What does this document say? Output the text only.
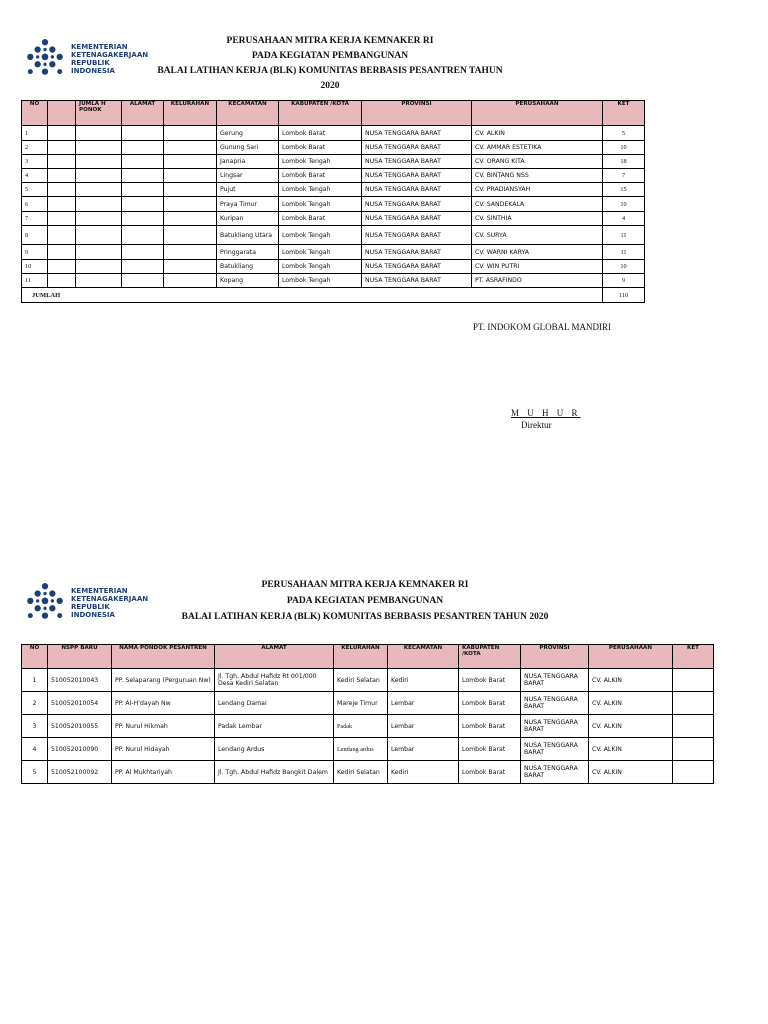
KEMENTERIAN
KETENAGAKERJAAN
REPUBLIK
INDONESIA
PERUSAHAAN MITRA KERJA KEMNAKER RI
PADA KEGIATAN PEMBANGUNAN
BALAI LATIHAN KERJA (BLK) KOMUNITAS BERBASIS PESANTREN TAHUN 2020
NO		JUMLA H PONOK	ALAMAT	KELURAHAN	KECAMATAN	KABUPATEN /KOTA	PROVINSI	PERUSAHAAN	KET
1					Gerung	Lombok Barat	NUSA TENGGARA BARAT	CV. ALKIN	5
2					Gunung Sari	Lombok Barat	NUSA TENGGARA BARAT	CV. AMMAR ESTETIKA	10
3					Janapria	Lombok Tengah	NUSA TENGGARA BARAT	CV. ORANG KITA	18
4					Lingsar	Lombok Barat	NUSA TENGGARA BARAT	CV. BINTANG NSS	7
5					Pujut	Lombok Tengah	NUSA TENGGARA BARAT	CV. PRADIANSYAH	15
6					Praya Timur	Lombok Tengah	NUSA TENGGARA BARAT	CV. SANDEKALA	10
7					Kuripan	Lombok Barat	NUSA TENGGARA BARAT	CV. SINTHIA	4
8					Batukliang Utara	Lombok Tengah	NUSA TENGGARA BARAT	CV. SURYA	11
9					Pringgarata	Lombok Tengah	NUSA TENGGARA BARAT	CV. WARNI KARYA	11
10					Batukliang	Lombok Tengah	NUSA TENGGARA BARAT	CV. WIN PUTRI	10
11					Kopang	Lombok Tengah	NUSA TENGGARA BARAT	PT. ASRAFINDO	9
JUMLAH									110
PT. INDOKOM GLOBAL MANDIRI
M U H U R
Direktur
KEMENTERIAN
KETENAGAKERJAAN
REPUBLIK
INDONESIA
PERUSAHAAN MITRA KERJA KEMNAKER RI
PADA KEGIATAN PEMBANGUNAN
BALAI LATIHAN KERJA (BLK) KOMUNITAS BERBASIS PESANTREN TAHUN 2020
NO	NSPP BARU	NAMA PONDOK PESANTREN	ALAMAT	KELURAHAN	KECAMATAN	KABUPATEN /KOTA	PROVINSI	PERUSAHAAN	KET
1	510052010043	PP. Selaparang (Perguruan Nw)	Jl. Tgh. Abdul Hafidz Rt 001/000 Desa Kediri Selatan	Kediri Selatan	Kediri	Lombok Barat	NUSA TENGGARA BARAT	CV. ALKIN	
2	510052010054	PP. Al-H'dayah Nw	Lendang Damai	Mareje Timur	Lembar	Lombok Barat	NUSA TENGGARA BARAT	CV. ALKIN	
3	510052010055	PP. Nurul Hikmah	Padak Lembar	Padak	Lembar	Lombok Barat	NUSA TENGGARA BARAT	CV. ALKIN	
4	510052010090	PP. Nurul Hidayah	Lendang Ardus	Lendang ardus	Lembar	Lombok Barat	NUSA TENGGARA BARAT	CV. ALKIN	
5	510052100092	PP. Al Mukhtariyah	Jl. Tgh. Abdul Hafidz Bangkit Dalem	Kediri Selatan	Kediri	Lombok Barat	NUSA TENGGARA BARAT	CV. ALKIN	
